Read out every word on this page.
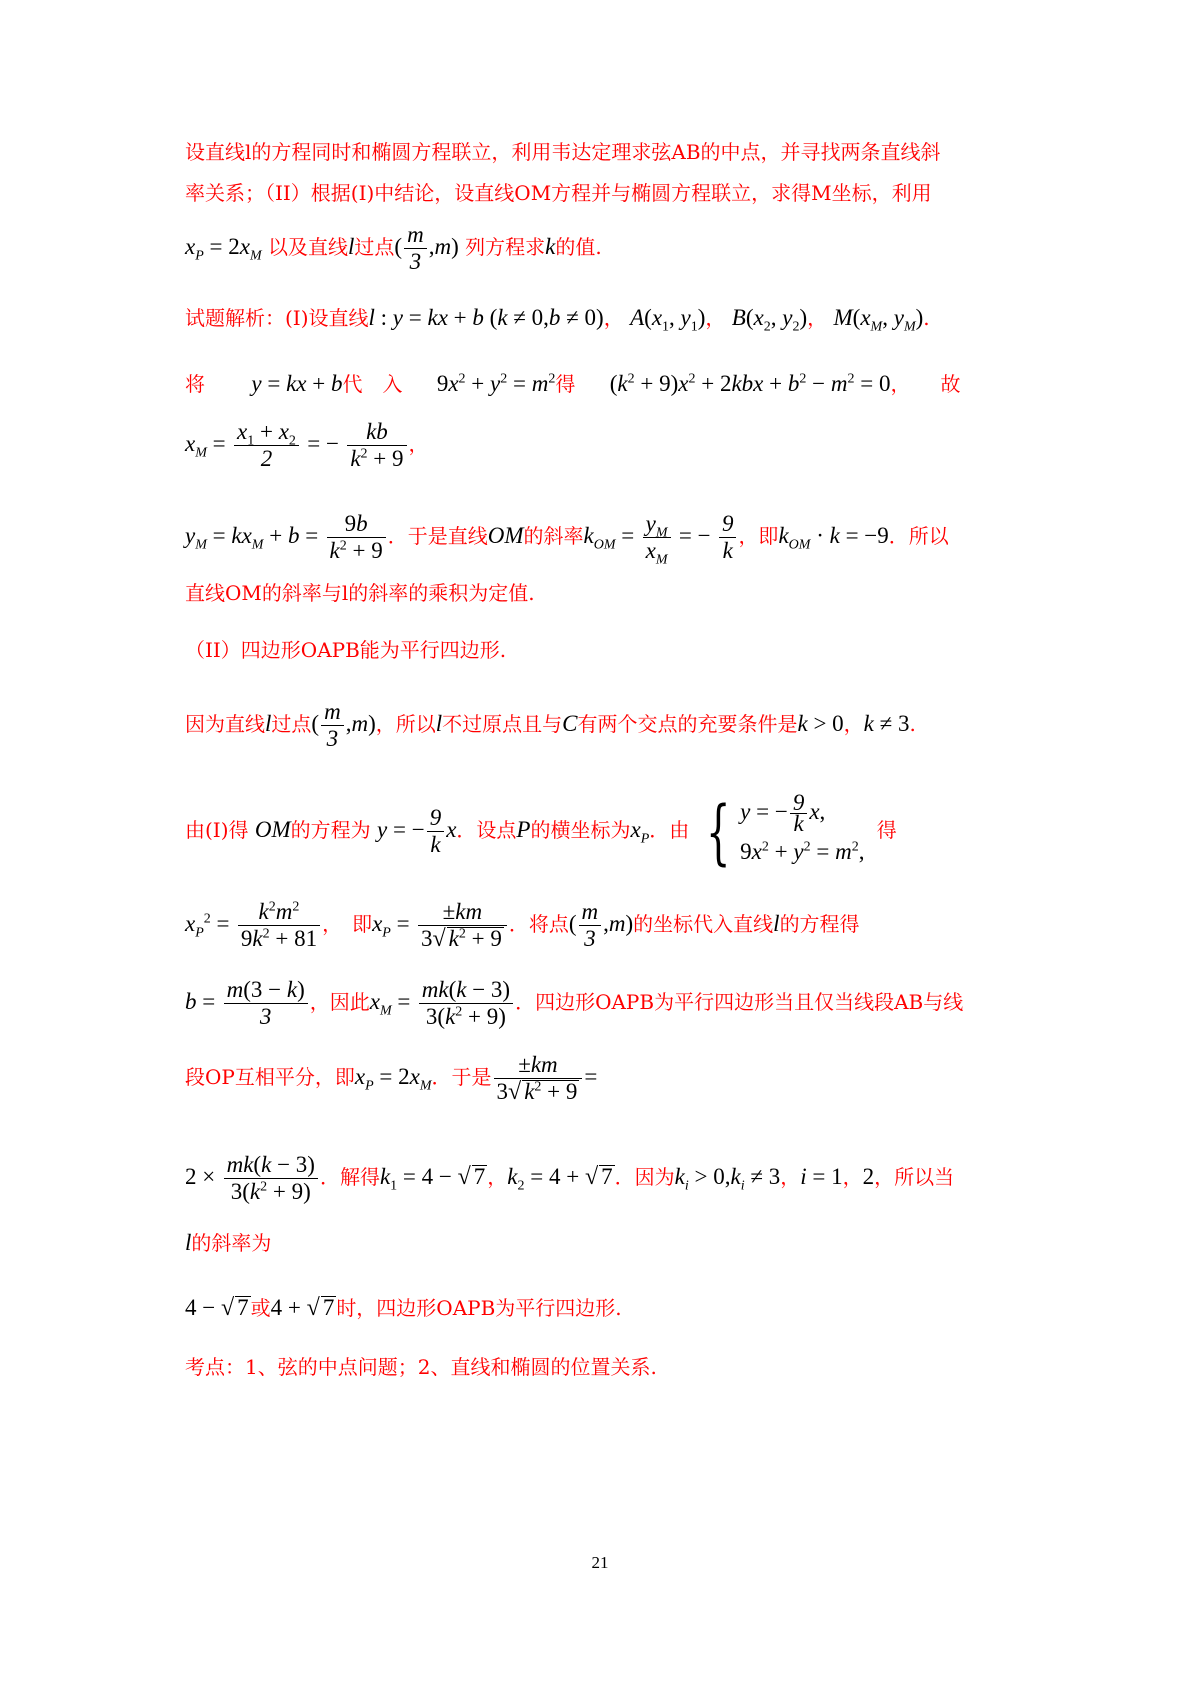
设直线l的方程同时和椭圆方程联立，利用韦达定理求弦AB的中点，并寻找两条直线斜
率关系；（II）根据(I)中结论，设直线OM方程并与椭圆方程联立，求得M坐标，利用
$x_P = 2x_M$ 以及直线l过点( $\frac{m}{3} ,m$) 列方程求k的值.
试题解析：(I)设直线l : y = kx + b (k ≠ 0,b ≠ 0)， $A(x_1$, $y_1$)， $B(x_2$, $y_2$)， $M(x_M$, $y_M$).
将 y = kx + b代　入 $9x^2 + y^2 = m^2$得 $(k^2 + 9)x^2 + 2kbx + b^2 - m^2 = 0$，　　故
$x_M = \frac{x_1 + x_2}{2}$ = − $\frac{kb}{k^2 + 9}$ ，
$y_M = kx_M + b = \frac{9b}{k^2 + 9}$ ．于是直线OM的斜率$k_{OM} = \frac{y_M}{x_M}$ = − $\frac{9}{k}$ ，即$k_{OM} \cdot k = -9$．所以
直线OM的斜率与l的斜率的乘积为定值.
（II）四边形OAPB能为平行四边形.
因为直线l过点( $\frac{m}{3} ,m$)，所以l不过原点且与C有两个交点的充要条件是k > 0，k ≠ 3.
由(I)得 OM的方程为 y = − $\frac{9}{k}$ x．设点P的横坐标为$x_P$．由 { y = − $\frac{9}{k} x$,
$9x^2 + y^2 = m^2$,
得
$x_P^2 = \frac{k^2m^2}{9k^2 + 81}$ ，　即$x_P = \frac{\pm km}{3√ k^2 + 9}$ ．将点( $\frac{m}{3} ,m$)的坐标代入直线l的方程得
$b = \frac{m(3 - k)}{3}$ ，因此$x_M = \frac{mk(k - 3)}{3(k^2 + 9)}$ ．四边形OAPB为平行四边形当且仅当线段AB与线
段OP互相平分，即$x_P = 2x_M$．于是 $\frac{\pm km}{3√ k^2 + 9}$ =
$2 \times \frac{mk(k - 3)}{3(k^2 + 9)}$ ．解得$k_1 = 4$ − √ 7 ，$k_2 = 4$ + √ 7 ．因为$k_i > 0,k_i \ne 3$，i = 1，2，所以当
l的斜率为
4 − √ 7 或4 + √ 7 时，四边形OAPB为平行四边形.
考点：1、弦的中点问题；2、直线和椭圆的位置关系.
21
